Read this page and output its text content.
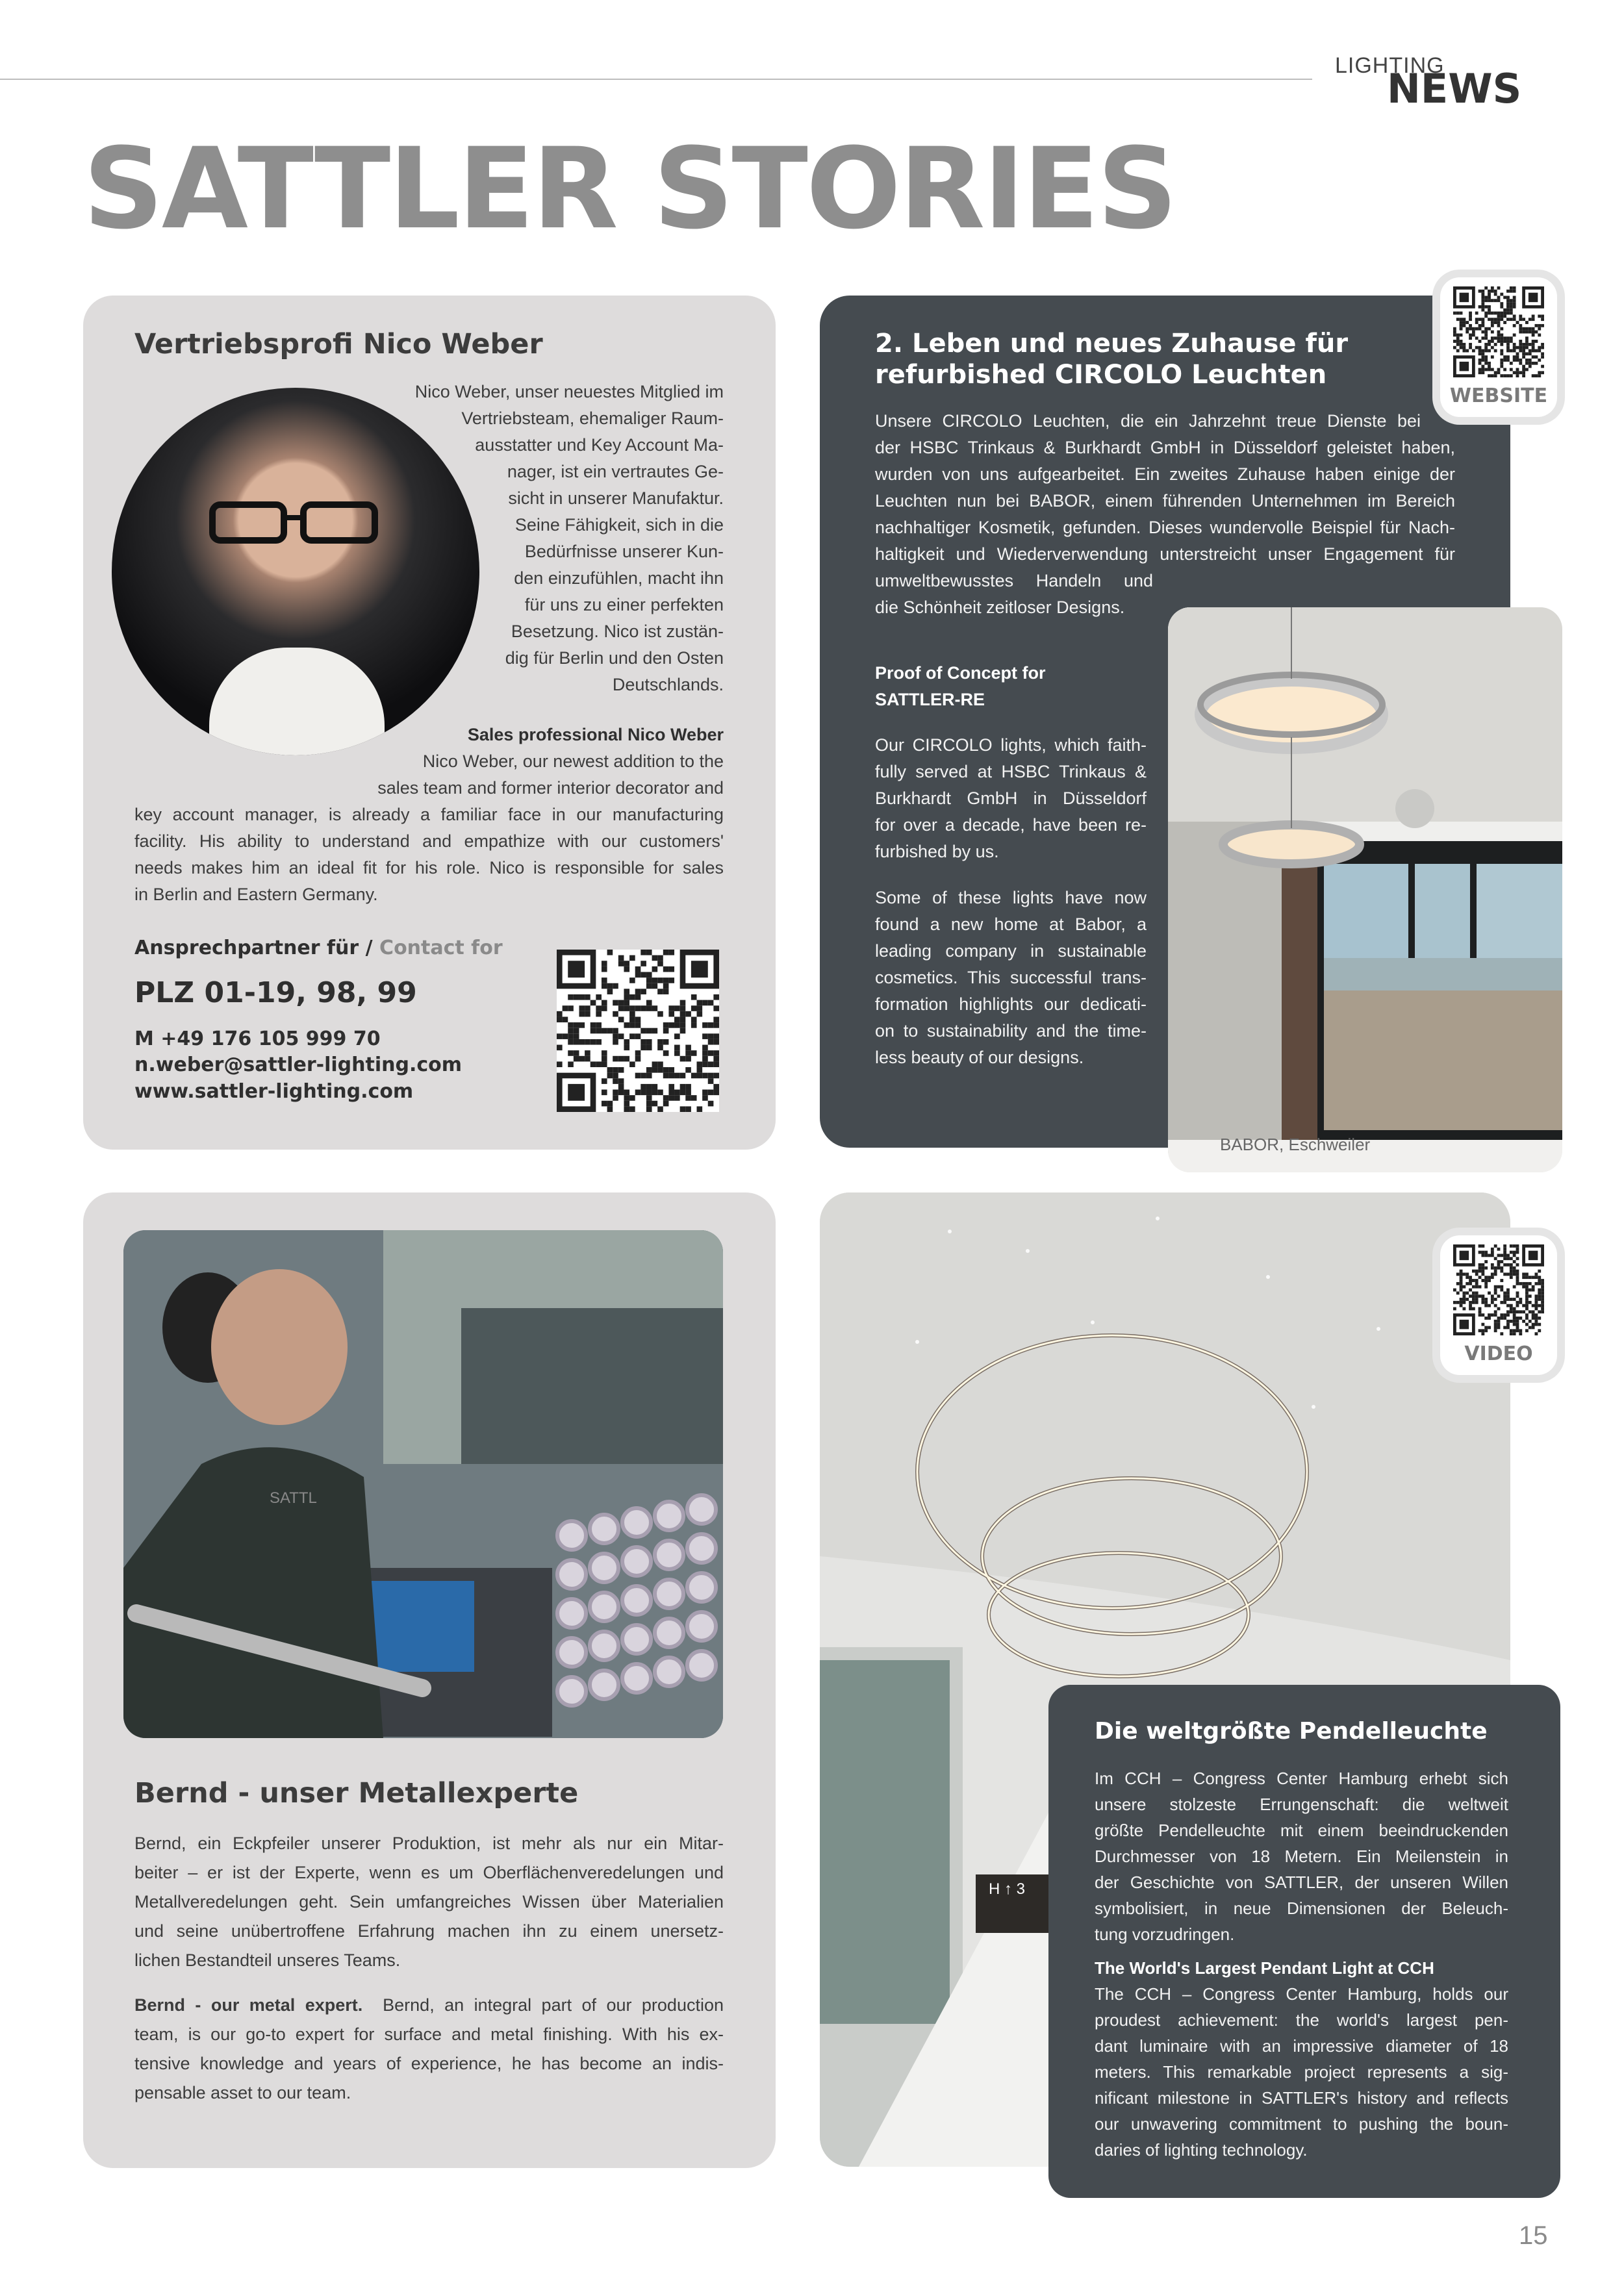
LIGHTING
NEWS
SATTLER STORIES
Vertriebsprofi Nico Weber
Nico Weber, unser neuestes Mitglied im
Vertriebsteam, ehemaliger Raum-
ausstatter und Key Account Ma-
nager, ist ein vertrautes Ge-
sicht in unserer Manufaktur.
Seine Fähigkeit, sich in die
Bedürfnisse unserer Kun-
den einzufühlen, macht ihn
für uns zu einer perfekten
Besetzung. Nico ist zustän-
dig für Berlin und den Osten
Deutschlands.
Sales professional Nico Weber
Nico Weber, our newest addition to the
sales team and former interior decorator and
key account manager, is already a familiar face in our manufacturing
facility. His ability to understand and empathize with our customers'
needs makes him an ideal fit for his role. Nico is responsible for sales
in Berlin and Eastern Germany.
Ansprechpartner für / Contact for
PLZ 01-19, 98, 99
M +49 176 105 999 70
n.weber@sattler-lighting.com
www.sattler-lighting.com
2. Leben und neues Zuhause für
refurbished CIRCOLO Leuchten
WEBSITE
Unsere CIRCOLO Leuchten, die ein Jahrzehnt treue Dienste bei
der HSBC Trinkaus & Burkhardt GmbH in Düsseldorf geleistet haben,
wurden von uns aufgearbeitet. Ein zweites Zuhause haben einige der
Leuchten nun bei BABOR, einem führenden Unternehmen im Bereich
nachhaltiger Kosmetik, gefunden. Dieses wundervolle Beispiel für Nach-
haltigkeit und Wiederverwendung unterstreicht unser Engagement für
umweltbewusstes Handeln und
die Schönheit zeitloser Designs.
Proof of Concept for
SATTLER-RE
Our CIRCOLO lights, which faith-
fully served at HSBC Trinkaus &
Burkhardt GmbH in Düsseldorf
for over a decade, have been re-
furbished by us.
Some of these lights have now
found a new home at Babor, a
leading company in sustainable
cosmetics. This successful trans-
formation highlights our dedicati-
on to sustainability and the time-
less beauty of our designs.
BABOR, Eschweiler
SATTL
Bernd - unser Metallexperte
Bernd, ein Eckpfeiler unserer Produktion, ist mehr als nur ein Mitar-
beiter – er ist der Experte, wenn es um Oberflächenveredelungen und
Metallveredelungen geht. Sein umfangreiches Wissen über Materialien
und seine unübertroffene Erfahrung machen ihn zu einem unersetz-
lichen Bestandteil unseres Teams.
Bernd - our metal expert. Bernd, an integral part of our production
team, is our go-to expert for surface and metal finishing. With his ex-
tensive knowledge and years of experience, he has become an indis-
pensable asset to our team.
H ↑ 3
VIDEO
Die weltgrößte Pendelleuchte
Im CCH – Congress Center Hamburg erhebt sich
unsere stolzeste Errungenschaft: die weltweit
größte Pendelleuchte mit einem beeindruckenden
Durchmesser von 18 Metern. Ein Meilenstein in
der Geschichte von SATTLER, der unseren Willen
symbolisiert, in neue Dimensionen der Beleuch-
tung vorzudringen.
The World's Largest Pendant Light at CCH
The CCH – Congress Center Hamburg, holds our
proudest achievement: the world's largest pen-
dant luminaire with an impressive diameter of 18
meters. This remarkable project represents a sig-
nificant milestone in SATTLER's history and reflects
our unwavering commitment to pushing the boun-
daries of lighting technology.
15
